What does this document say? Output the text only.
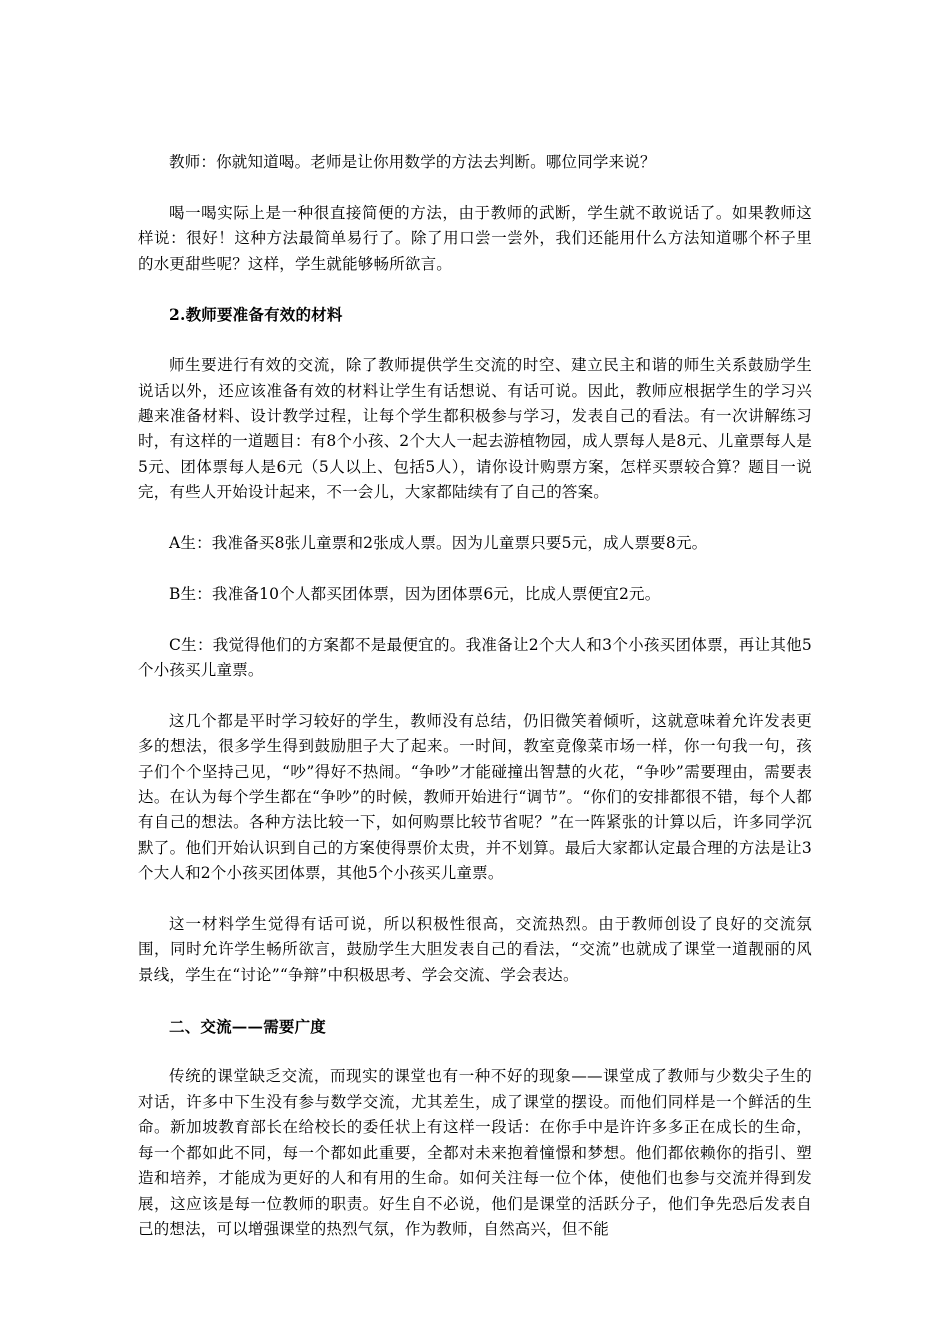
教师：你就知道喝。老师是让你用数学的方法去判断。哪位同学来说？

喝一喝实际上是一种很直接简便的方法，由于教师的武断，学生就不敢说话了。如果教师这样说：很好！这种方法最简单易行了。除了用口尝一尝外，我们还能用什么方法知道哪个杯子里的水更甜些呢？这样，学生就能够畅所欲言。

2.教师要准备有效的材料

师生要进行有效的交流，除了教师提供学生交流的时空、建立民主和谐的师生关系鼓励学生说话以外，还应该准备有效的材料让学生有话想说、有话可说。因此，教师应根据学生的学习兴趣来准备材料、设计教学过程，让每个学生都积极参与学习，发表自己的看法。有一次讲解练习时，有这样的一道题目：有8个小孩、2个大人一起去游植物园，成人票每人是8元、儿童票每人是5元、团体票每人是6元（5人以上、包括5人），请你设计购票方案，怎样买票较合算？题目一说完，有些人开始设计起来，不一会儿，大家都陆续有了自己的答案。

A生：我准备买8张儿童票和2张成人票。因为儿童票只要5元，成人票要8元。

B生：我准备10个人都买团体票，因为团体票6元，比成人票便宜2元。

C生：我觉得他们的方案都不是最便宜的。我准备让2个大人和3个小孩买团体票，再让其他5个小孩买儿童票。

这几个都是平时学习较好的学生，教师没有总结，仍旧微笑着倾听，这就意味着允许发表更多的想法，很多学生得到鼓励胆子大了起来。一时间，教室竟像菜市场一样，你一句我一句，孩子们个个坚持己见，“吵”得好不热闹。“争吵”才能碰撞出智慧的火花，“争吵”需要理由，需要表达。在认为每个学生都在“争吵”的时候，教师开始进行“调节”。“你们的安排都很不错，每个人都有自己的想法。各种方法比较一下，如何购票比较节省呢？”在一阵紧张的计算以后，许多同学沉默了。他们开始认识到自己的方案使得票价太贵，并不划算。最后大家都认定最合理的方法是让3个大人和2个小孩买团体票，其他5个小孩买儿童票。

这一材料学生觉得有话可说，所以积极性很高，交流热烈。由于教师创设了良好的交流氛围，同时允许学生畅所欲言，鼓励学生大胆发表自己的看法，“交流”也就成了课堂一道靓丽的风景线，学生在“讨论”“争辩”中积极思考、学会交流、学会表达。

二、交流——需要广度

传统的课堂缺乏交流，而现实的课堂也有一种不好的现象——课堂成了教师与少数尖子生的对话，许多中下生没有参与数学交流，尤其差生，成了课堂的摆设。而他们同样是一个鲜活的生命。新加坡教育部长在给校长的委任状上有这样一段话：在你手中是许许多多正在成长的生命，每一个都如此不同，每一个都如此重要，全都对未来抱着憧憬和梦想。他们都依赖你的指引、塑造和培养，才能成为更好的人和有用的生命。如何关注每一位个体，使他们也参与交流并得到发展，这应该是每一位教师的职责。好生自不必说，他们是课堂的活跃分子，他们争先恐后发表自己的想法，可以增强课堂的热烈气氛，作为教师，自然高兴，但不能
